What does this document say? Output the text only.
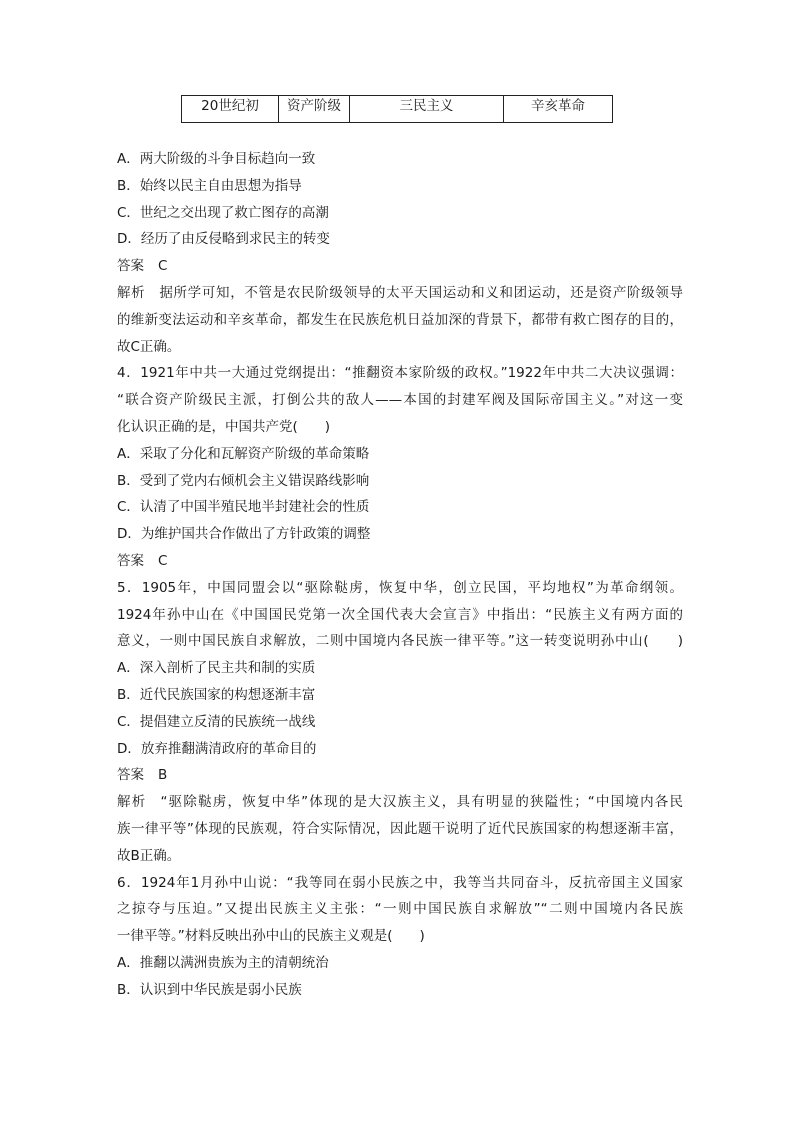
20世纪初	资产阶级	三民主义	辛亥革命
A．两大阶级的斗争目标趋向一致
B．始终以民主自由思想为指导
C．世纪之交出现了救亡图存的高潮
D．经历了由反侵略到求民主的转变
答案 C
解析 据所学可知，不管是农民阶级领导的太平天国运动和义和团运动，还是资产阶级领导
的维新变法运动和辛亥革命，都发生在民族危机日益加深的背景下，都带有救亡图存的目的，
故C正确。
4．1921年中共一大通过党纲提出：“推翻资本家阶级的政权。”1922年中共二大决议强调：
“联合资产阶级民主派，打倒公共的敌人——本国的封建军阀及国际帝国主义。”对这一变
化认识正确的是，中国共产党(　　)
A．采取了分化和瓦解资产阶级的革命策略
B．受到了党内右倾机会主义错误路线影响
C．认清了中国半殖民地半封建社会的性质
D．为维护国共合作做出了方针政策的调整
答案 C
5．1905年，中国同盟会以“驱除鞑虏，恢复中华，创立民国，平均地权”为革命纲领。
1924年孙中山在《中国国民党第一次全国代表大会宣言》中指出：“民族主义有两方面的
意义，一则中国民族自求解放，二则中国境内各民族一律平等。”这一转变说明孙中山(　　)
A．深入剖析了民主共和制的实质
B．近代民族国家的构想逐渐丰富
C．提倡建立反清的民族统一战线
D．放弃推翻满清政府的革命目的
答案 B
解析 “驱除鞑虏，恢复中华”体现的是大汉族主义，具有明显的狭隘性；“中国境内各民
族一律平等”体现的民族观，符合实际情况，因此题干说明了近代民族国家的构想逐渐丰富，
故B正确。
6．1924年1月孙中山说：“我等同在弱小民族之中，我等当共同奋斗，反抗帝国主义国家
之掠夺与压迫。”又提出民族主义主张：“一则中国民族自求解放”“二则中国境内各民族
一律平等。”材料反映出孙中山的民族主义观是(　　)
A．推翻以满洲贵族为主的清朝统治
B．认识到中华民族是弱小民族
